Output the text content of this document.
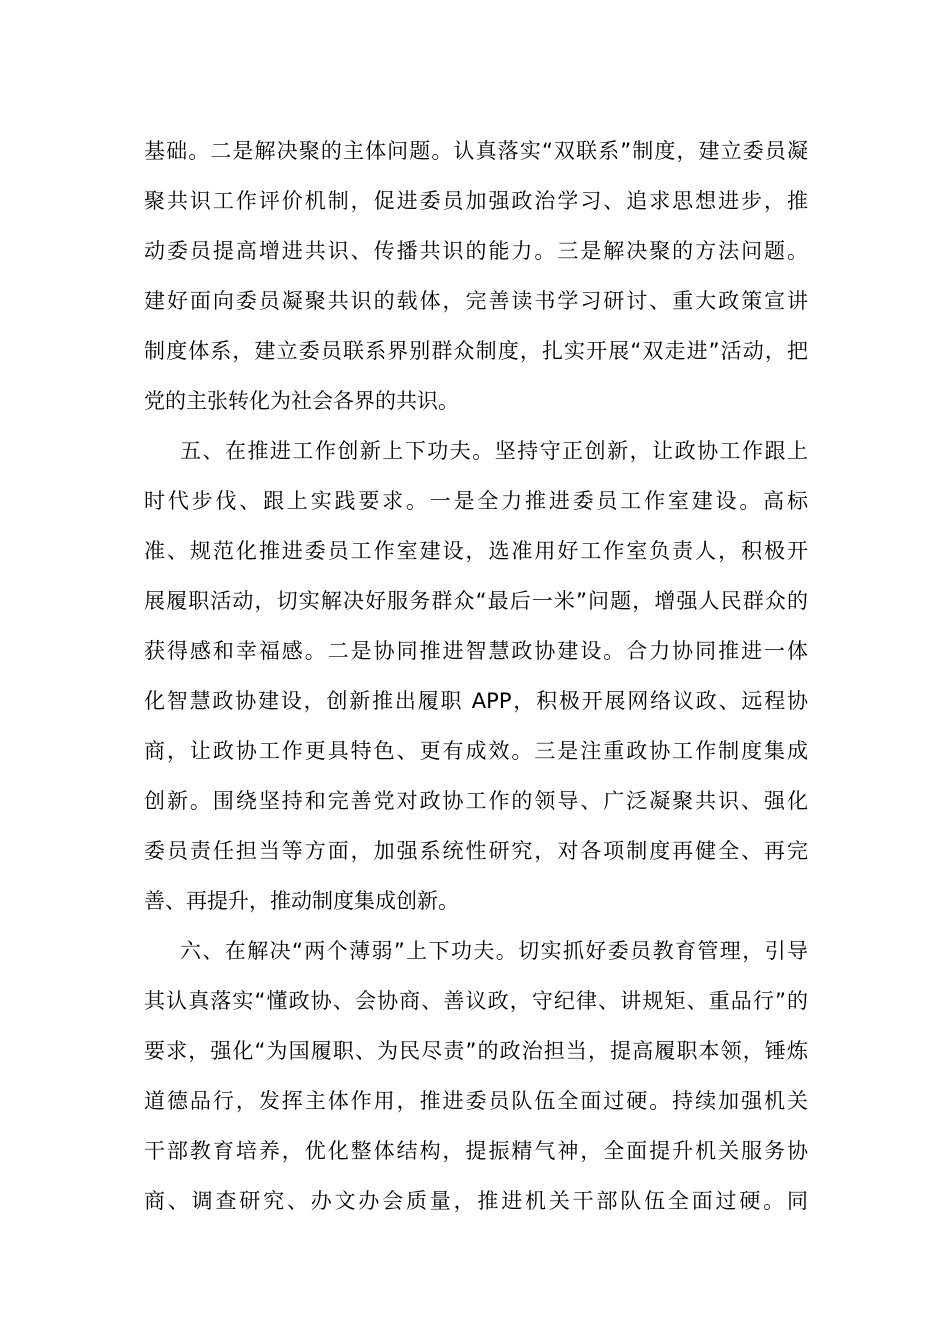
基础。二是解决聚的主体问题。认真落实“双联系”制度，建立委员凝
聚共识工作评价机制，促进委员加强政治学习、追求思想进步，推
动委员提高增进共识、传播共识的能力。三是解决聚的方法问题。
建好面向委员凝聚共识的载体，完善读书学习研讨、重大政策宣讲
制度体系，建立委员联系界别群众制度，扎实开展“双走进”活动，把
党的主张转化为社会各界的共识。
五、在推进工作创新上下功夫。坚持守正创新，让政协工作跟上
时代步伐、跟上实践要求。一是全力推进委员工作室建设。高标
准、规范化推进委员工作室建设，选准用好工作室负责人，积极开
展履职活动，切实解决好服务群众“最后一米”问题，增强人民群众的
获得感和幸福感。二是协同推进智慧政协建设。合力协同推进一体
化智慧政协建设，创新推出履职 APP，积极开展网络议政、远程协
商，让政协工作更具特色、更有成效。三是注重政协工作制度集成
创新。围绕坚持和完善党对政协工作的领导、广泛凝聚共识、强化
委员责任担当等方面，加强系统性研究，对各项制度再健全、再完
善、再提升，推动制度集成创新。
六、在解决“两个薄弱”上下功夫。切实抓好委员教育管理，引导
其认真落实“懂政协、会协商、善议政，守纪律、讲规矩、重品行”的
要求，强化“为国履职、为民尽责”的政治担当，提高履职本领，锤炼
道德品行，发挥主体作用，推进委员队伍全面过硬。持续加强机关
干部教育培养，优化整体结构，提振精气神，全面提升机关服务协
商、调查研究、办文办会质量，推进机关干部队伍全面过硬。同
